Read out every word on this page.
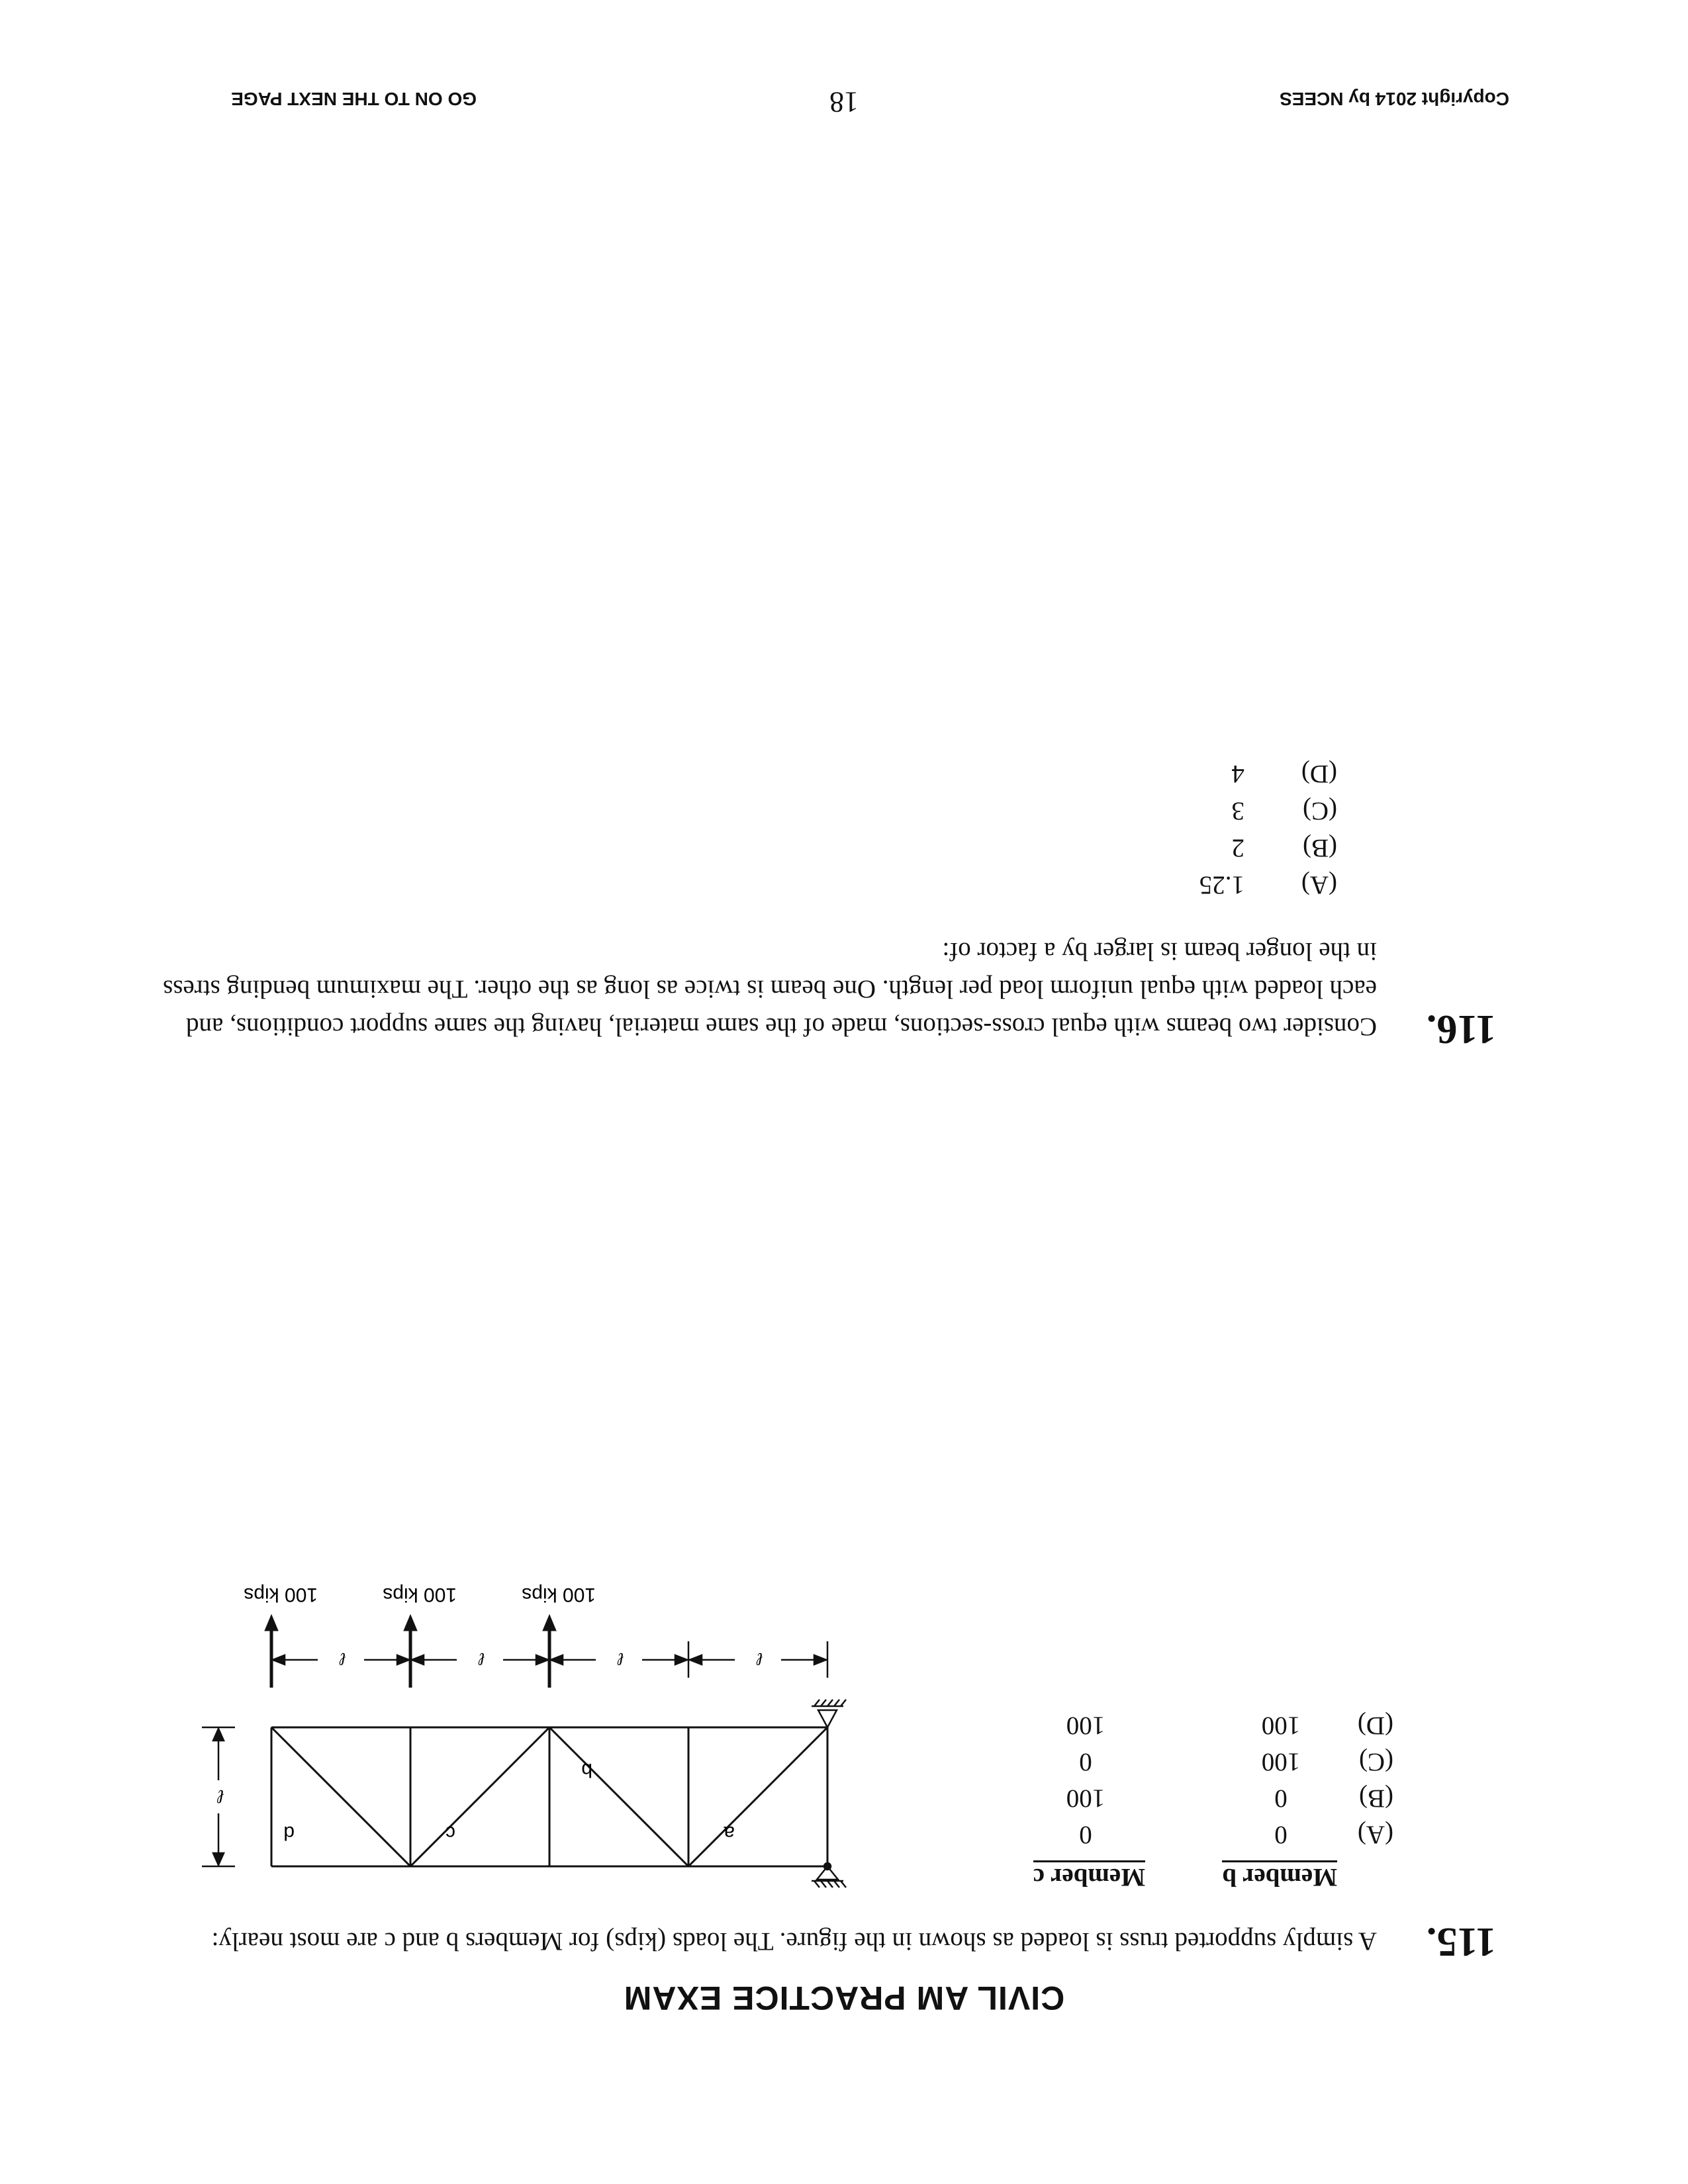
CIVIL AM PRACTICE EXAM
115.
A simply supported truss is loaded as shown in the figure. The loads (kips) for Members b and c are most nearly:
Member b
Member c
(A)
0
0
(B)
0
100
(C)
100
0
(D)
100
100
a
b
c
d
ℓ
ℓ
ℓ
ℓ
ℓ
100 kips
100 kips
100 kips
116.
Consider two beams with equal cross-sections, made of the same material, having the same support conditions, and each loaded with equal uniform load per length. One beam is twice as long as the other. The maximum bending stress in the longer beam is larger by a factor of:
(A)
1.25
(B)
2
(C)
3
(D)
4
Copyright 2014 by NCEES
18
GO ON TO THE NEXT PAGE
